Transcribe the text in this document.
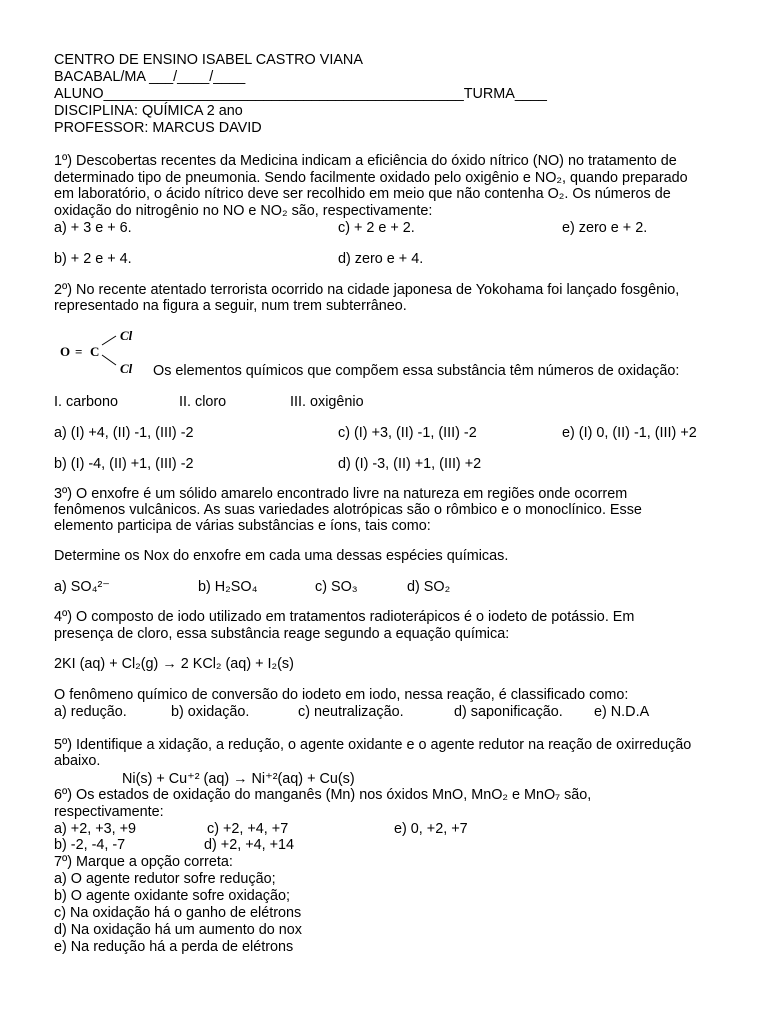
CENTRO DE ENSINO ISABEL CASTRO VIANA
BACABAL/MA ___/____/____
ALUNO_____________________________________________TURMA____
DISCIPLINA: QUÍMICA 2 ano
PROFESSOR: MARCUS DAVID
1º) Descobertas recentes da Medicina indicam a eficiência do óxido nítrico (NO) no tratamento de
determinado tipo de pneumonia. Sendo facilmente oxidado pelo oxigênio e NO₂, quando preparado
em laboratório, o ácido nítrico deve ser recolhido em meio que não contenha O₂. Os números de
oxidação do nitrogênio no NO e NO₂ são, respectivamente:
a) + 3 e + 6.	c) + 2 e + 2.	e) zero e + 2.
b) + 2 e + 4.	d) zero e + 4.
2º) No recente atentado terrorista ocorrido na cidade japonesa de Yokohama foi lançado fosgênio,
representado na figura a seguir, num trem subterrâneo.
O = C
Cl
Cl Os elementos químicos que compõem essa substância têm números de oxidação:
I. carbono	II. cloro	III. oxigênio
a) (I) +4, (II) -1, (III) -2	c) (I) +3, (II) -1, (III) -2	e) (I) 0, (II) -1, (III) +2
b) (I) -4, (II) +1, (III) -2	d) (I) -3, (II) +1, (III) +2
3º) O enxofre é um sólido amarelo encontrado livre na natureza em regiões onde ocorrem
fenômenos vulcânicos. As suas variedades alotrópicas são o rômbico e o monoclínico. Esse
elemento participa de várias substâncias e íons, tais como:
Determine os Nox do enxofre em cada uma dessas espécies químicas.
a) SO₄²⁻	b) H₂SO₄	c) SO₃	d) SO₂
4º) O composto de iodo utilizado em tratamentos radioterápicos é o iodeto de potássio. Em
presença de cloro, essa substância reage segundo a equação química:
2KI (aq) + Cl₂(g) → 2 KCl₂ (aq) + I₂(s)
O fenômeno químico de conversão do iodeto em iodo, nessa reação, é classificado como:
a) redução.	b) oxidação.	c) neutralização.	d) saponificação. e) N.D.A
5º) Identifique a xidação, a redução, o agente oxidante e o agente redutor na reação de oxirredução
abaixo.
Ni(s) + Cu⁺² (aq) → Ni⁺²(aq) + Cu(s)
6º) Os estados de oxidação do manganês (Mn) nos óxidos MnO, MnO₂ e MnO₇ são,
respectivamente:
a) +2, +3, +9	c) +2, +4, +7	e) 0, +2, +7
b) -2, -4, -7	d) +2, +4, +14
7º) Marque a opção correta:
a) O agente redutor sofre redução;
b) O agente oxidante sofre oxidação;
c) Na oxidação há o ganho de elétrons
d) Na oxidação há um aumento do nox
e) Na redução há a perda de elétrons
